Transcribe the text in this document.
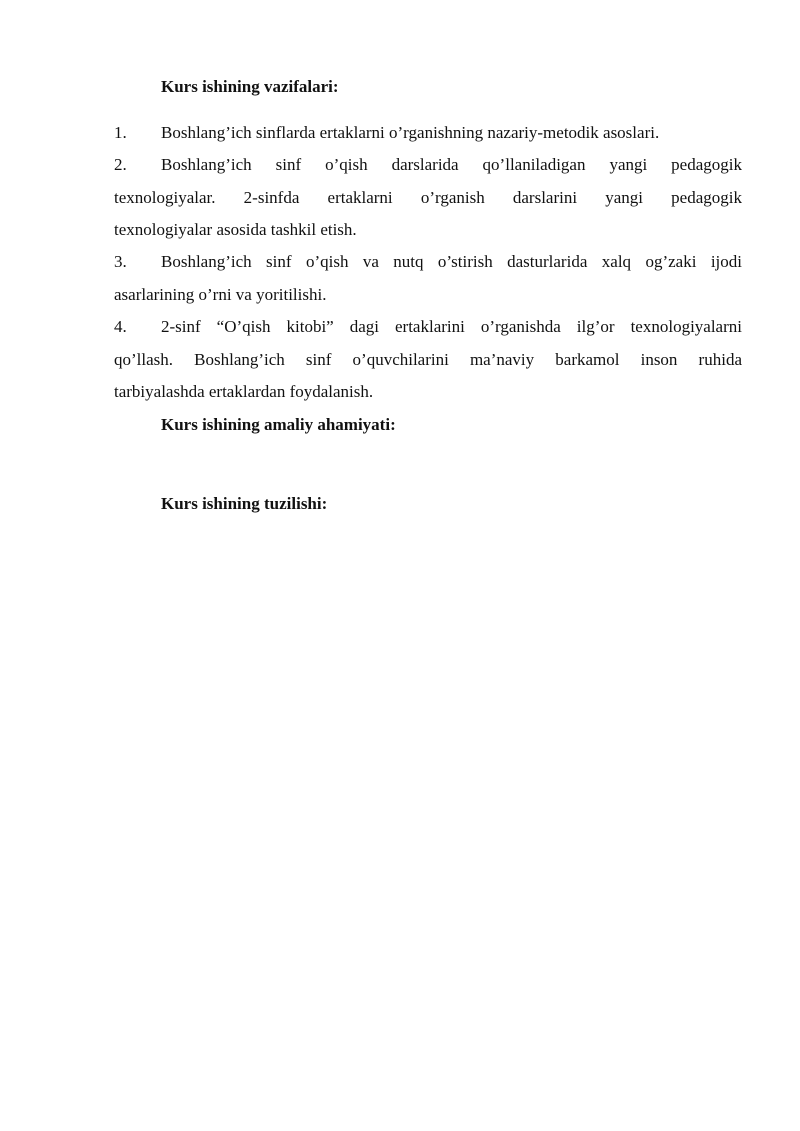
Kurs ishining vazifalari:
1. Boshlang’ich sinflarda ertaklarni o’rganishning nazariy-metodik asoslari.
2. Boshlang’ich sinf o’qish darslarida qo’llaniladigan yangi pedagogik
texnologiyalar. 2-sinfda ertaklarni o’rganish darslarini yangi pedagogik
texnologiyalar asosida tashkil etish.
3. Boshlang’ich sinf o’qish va nutq o’stirish dasturlarida xalq og’zaki ijodi
asarlarining o’rni va yoritilishi.
4. 2-sinf “O’qish kitobi” dagi ertaklarini o’rganishda ilg’or texnologiyalarni
qo’llash. Boshlang’ich sinf o’quvchilarini ma’naviy barkamol inson ruhida
tarbiyalashda ertaklardan foydalanish.
Kurs ishining amaliy ahamiyati:
Kurs ishining tuzilishi:
